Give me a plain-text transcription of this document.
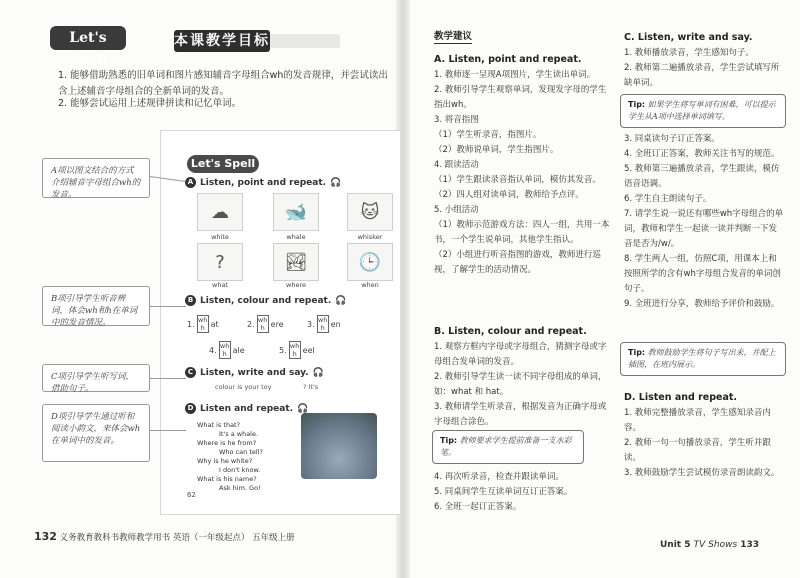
Let's Spell
本课教学目标
1. 能够借助熟悉的旧单词和图片感知辅音字母组合wh的发音规律，并尝试读出含上述辅音字母组合的全新单词的发音。
2. 能够尝试运用上述规律拼读和记忆单词。
Let's Spell
A Listen, point and repeat. 🎧
☁
white
🐋
whale
🐱
whisker
?
what
🏞
where
🕒
when
B Listen, colour and repeat. 🎧
1. wh
h at	2. wh
h ere	3. wh
h en
4. wh
h ale	5. wh
h eel
C Listen, write and say. 🎧
colour is your toy	? It's
D Listen and repeat. 🎧
What is that?
It's a whale.
Where is he from?
Who can tell?
Why is he white?
I don't know.
What is his name?
Ask him. Go!
62
A项以图文结合的方式介绍辅音字母组合wh的发音。
B项引导学生听音辨词，体会wh和h在单词中的发音情况。
C项引导学生听写词，借助句子。
D项引导学生通过听和阅读小韵文，来体会wh在单词中的发音。
132 义务教育教科书教师教学用书 英语（一年级起点） 五年级上册
教学建议
A. Listen, point and repeat.
1. 教师逐一呈现A项图片，学生读出单词。
2. 教师引导学生观察单词，发现发字母的学生指出wh。
3. 将音指图
（1）学生听录音，指图片。
（2）教师说单词，学生指图片。
4. 跟读活动
（1）学生跟读录音指认单词，模仿其发音。
（2）四人组对读单词，教师给予点评。
5. 小组活动
（1）教师示范游戏方法：四人一组，共用一本书，一个学生说单词，其他学生指认。
（2）小组进行听音指图的游戏，教师进行巡视，了解学生的活动情况。
B. Listen, colour and repeat.
1. 观察方框内字母或字母组合，猜测字母或字母组合发单词的发音。
2. 教师引导学生读一读不同字母组成的单词，如：what 和 hat。
3. 教师请学生听录音，根据发音为正确字母或字母组合涂色。
Tip: 教师要求学生提前准备一支水彩笔。
4. 再次听录音，检查并跟读单词。
5. 同桌间学生互读单词互订正答案。
6. 全班一起订正答案。
C. Listen, write and say.
1. 教师播放录音，学生感知句子。
2. 教师第二遍播放录音，学生尝试填写所缺单词。
Tip: 如果学生将写单词有困难，可以提示学生从A项中选择单词填写。
3. 同桌读句子订正答案。
4. 全班订正答案，教师关注书写的规范。
5. 教师第三遍播放录音，学生跟读，模仿语音语调。
6. 学生自主朗读句子。
7. 请学生说一说还有哪些wh字母组合的单词，教师和学生一起读一读并判断一下发音是否为/w/。
8. 学生两人一组，仿照C项，用课本上和按照所学的含有wh字母组合发音的单词创句子。
9. 全班进行分享，教师给予评价和鼓励。
Tip: 教师鼓励学生将句子写出来，并配上插图，在班内展示。
D. Listen and repeat.
1. 教师完整播放录音，学生感知录音内容。
2. 教师一句一句播放录音，学生听并跟读。
3. 教师鼓励学生尝试模仿录音朗读韵文。
Unit 5 TV Shows 133
